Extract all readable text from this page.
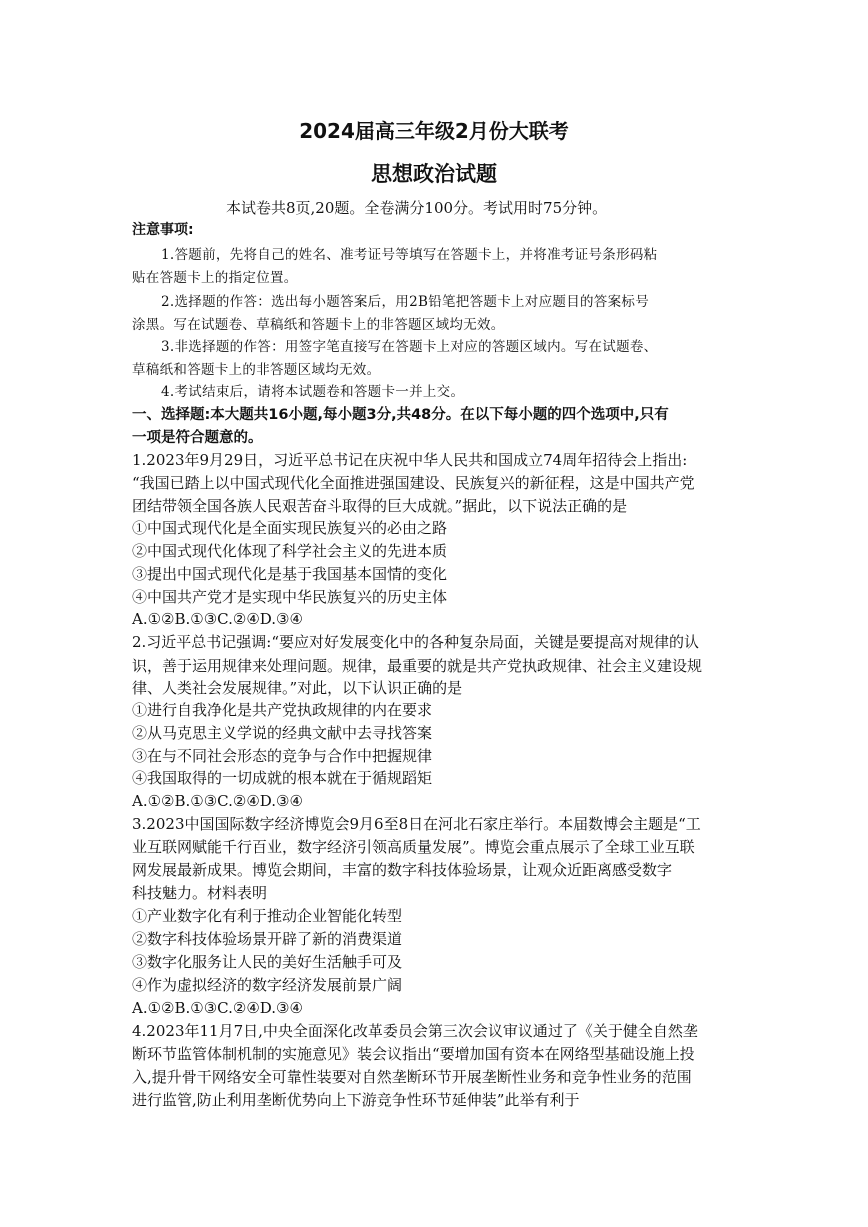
2024届高三年级2月份大联考
思想政治试题
本试卷共8页,20题。全卷满分100分。考试用时75分钟。
注意事项:
1.答题前，先将自己的姓名、准考证号等填写在答题卡上，并将准考证号条形码粘
贴在答题卡上的指定位置。
2.选择题的作答：选出每小题答案后，用2B铅笔把答题卡上对应题目的答案标号
涂黑。写在试题卷、草稿纸和答题卡上的非答题区域均无效。
3.非选择题的作答：用签字笔直接写在答题卡上对应的答题区域内。写在试题卷、
草稿纸和答题卡上的非答题区域均无效。
4.考试结束后，请将本试题卷和答题卡一并上交。
一、选择题:本大题共16小题,每小题3分,共48分。在以下每小题的四个选项中,只有
一项是符合题意的。
1.2023年9月29日，习近平总书记在庆祝中华人民共和国成立74周年招待会上指出:
“我国已踏上以中国式现代化全面推进强国建设、民族复兴的新征程，这是中国共产党
团结带领全国各族人民艰苦奋斗取得的巨大成就。”据此，以下说法正确的是
①中国式现代化是全面实现民族复兴的必由之路
②中国式现代化体现了科学社会主义的先进本质
③提出中国式现代化是基于我国基本国情的变化
④中国共产党才是实现中华民族复兴的历史主体
A.①②B.①③C.②④D.③④
2.习近平总书记强调:“要应对好发展变化中的各种复杂局面，关键是要提高对规律的认
识，善于运用规律来处理问题。规律，最重要的就是共产党执政规律、社会主义建设规
律、人类社会发展规律。”对此，以下认识正确的是
①进行自我净化是共产党执政规律的内在要求
②从马克思主义学说的经典文献中去寻找答案
③在与不同社会形态的竞争与合作中把握规律
④我国取得的一切成就的根本就在于循规蹈矩
A.①②B.①③C.②④D.③④
3.2023中国国际数字经济博览会9月6至8日在河北石家庄举行。本届数博会主题是“工
业互联网赋能千行百业，数字经济引领高质量发展”。博览会重点展示了全球工业互联
网发展最新成果。博览会期间，丰富的数字科技体验场景，让观众近距离感受数字
科技魅力。材料表明
①产业数字化有利于推动企业智能化转型
②数字科技体验场景开辟了新的消费渠道
③数字化服务让人民的美好生活触手可及
④作为虚拟经济的数字经济发展前景广阔
A.①②B.①③C.②④D.③④
4.2023年11月7日,中央全面深化改革委员会第三次会议审议通过了《关于健全自然垄
断环节监管体制机制的实施意见》装会议指出“要增加国有资本在网络型基础设施上投
入,提升骨干网络安全可靠性装要对自然垄断环节开展垄断性业务和竞争性业务的范围
进行监管,防止利用垄断优势向上下游竞争性环节延伸装”此举有利于
